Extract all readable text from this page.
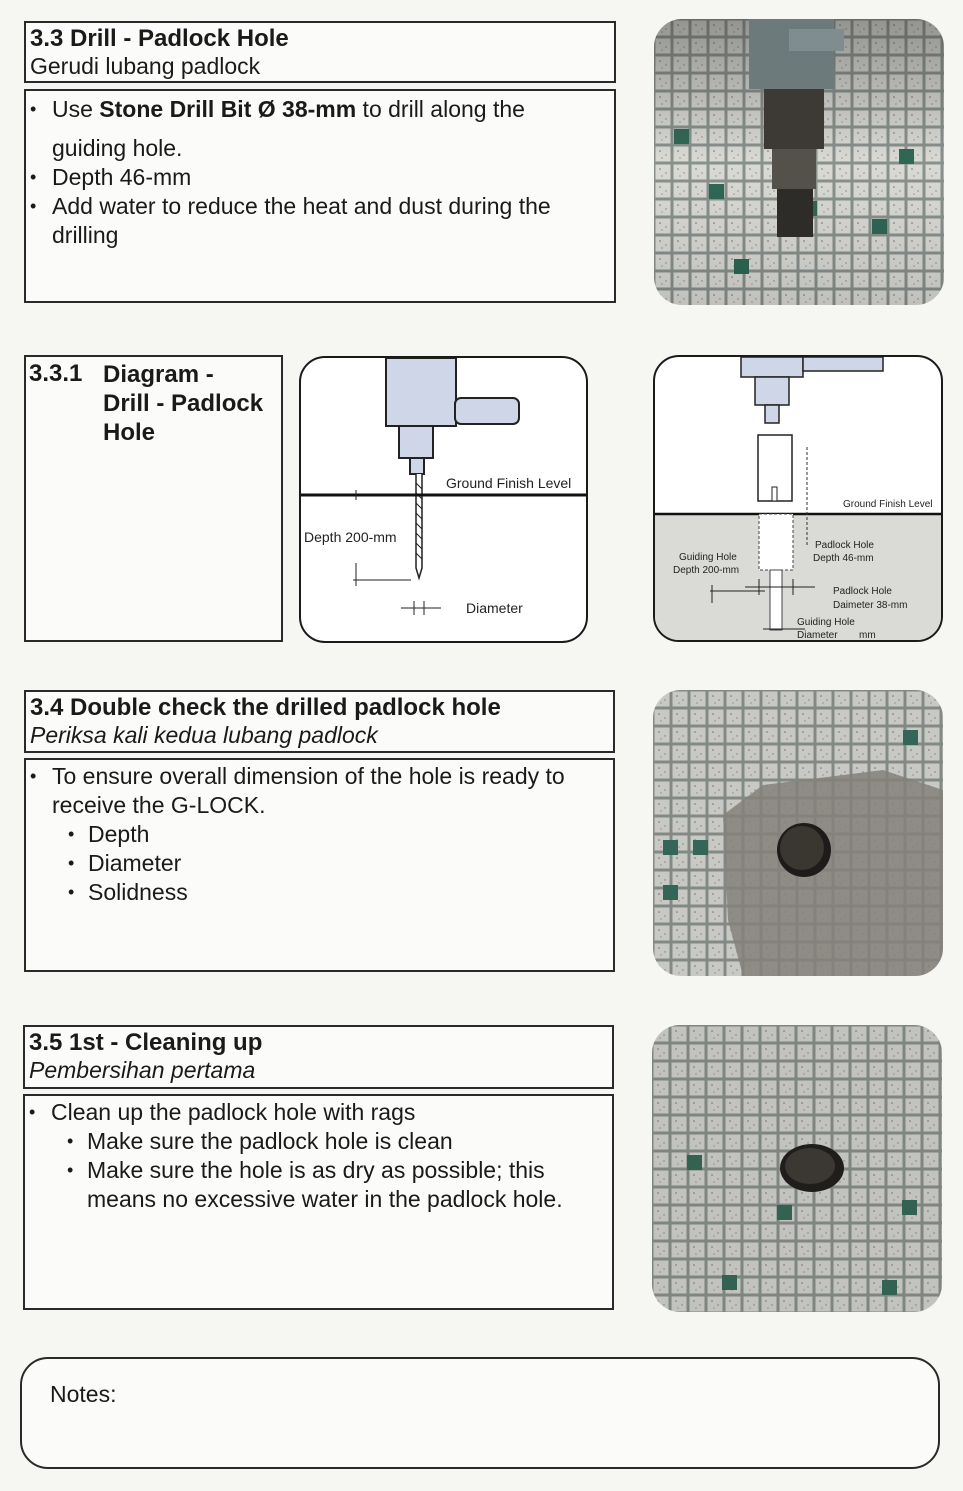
3.3 Drill - Padlock Hole
Gerudi lubang padlock
• Use Stone Drill Bit Ø 38-mm to drill along the
guiding hole.
• Depth 46-mm
• Add water to reduce the heat and dust during the
drilling
3.3.1 Diagram -
Drill - Padlock
Hole
Ground Finish Level
Depth 200-mm
Diameter
Ground Finish Level
Padlock Hole
Depth 46-mm
Guiding Hole
Depth 200-mm
Padlock Hole
Daimeter 38-mm
Guiding Hole
Diameter mm
3.4 Double check the drilled padlock hole
Periksa kali kedua lubang padlock
• To ensure overall dimension of the hole is ready to
receive the G-LOCK.
• Depth
• Diameter
• Solidness
3.5 1st - Cleaning up
Pembersihan pertama
• Clean up the padlock hole with rags
• Make sure the padlock hole is clean
• Make sure the hole is as dry as possible; this
means no excessive water in the padlock hole.
Notes:
